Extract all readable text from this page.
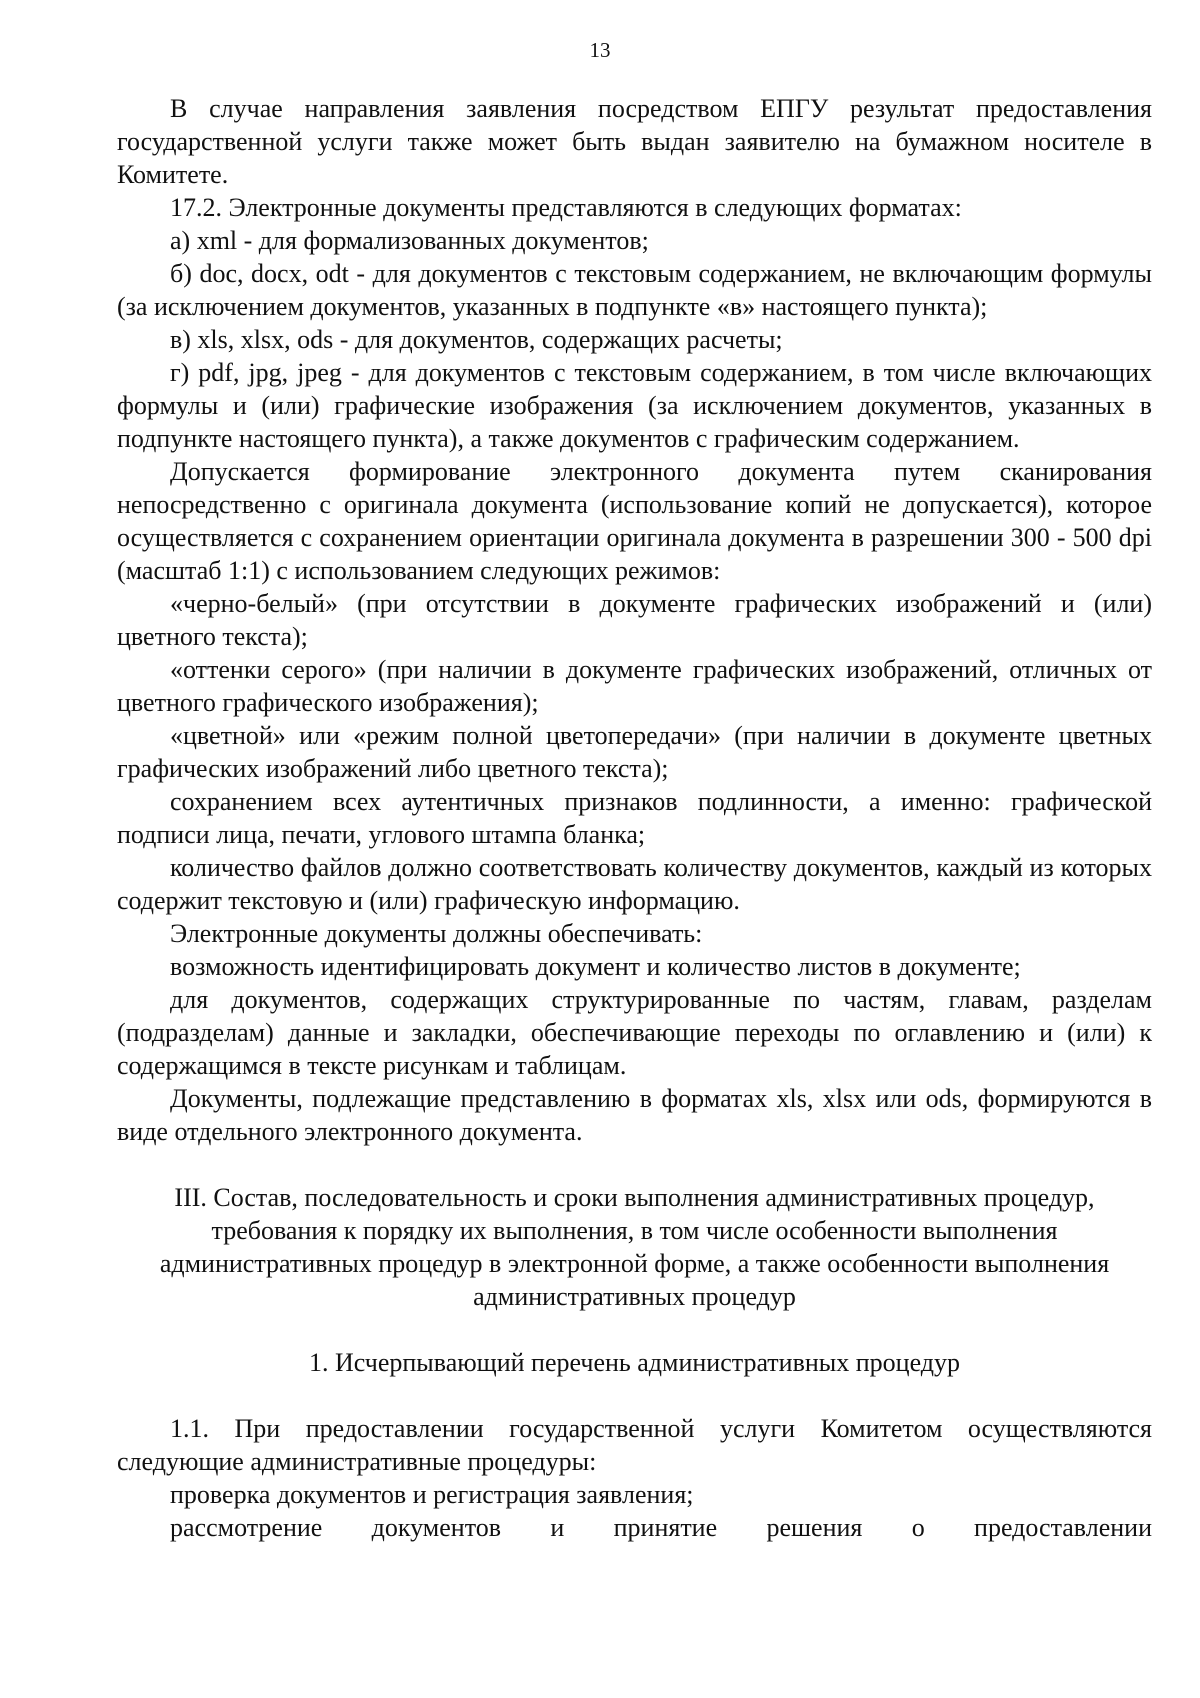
13

В случае направления заявления посредством ЕПГУ результат предоставления государственной услуги также может быть выдан заявителю на бумажном носителе в Комитете.

17.2. Электронные документы представляются в следующих форматах:

а) xml - для формализованных документов;

б) doc, docx, odt - для документов с текстовым содержанием, не включающим формулы (за исключением документов, указанных в подпункте «в» настоящего пункта);

в) xls, xlsx, ods - для документов, содержащих расчеты;

г) pdf, jpg, jpeg - для документов с текстовым содержанием, в том числе включающих формулы и (или) графические изображения (за исключением документов, указанных в подпункте настоящего пункта), а также документов с графическим содержанием.

Допускается формирование электронного документа путем сканирования непосредственно с оригинала документа (использование копий не допускается), которое осуществляется с сохранением ориентации оригинала документа в разрешении 300 - 500 dpi (масштаб 1:1) с использованием следующих режимов:

«черно-белый» (при отсутствии в документе графических изображений и (или) цветного текста);

«оттенки серого» (при наличии в документе графических изображений, отличных от цветного графического изображения);

«цветной» или «режим полной цветопередачи» (при наличии в документе цветных графических изображений либо цветного текста);

сохранением всех аутентичных признаков подлинности, а именно: графической подписи лица, печати, углового штампа бланка;

количество файлов должно соответствовать количеству документов, каждый из которых содержит текстовую и (или) графическую информацию.

Электронные документы должны обеспечивать:

возможность идентифицировать документ и количество листов в документе;

для документов, содержащих структурированные по частям, главам, разделам (подразделам) данные и закладки, обеспечивающие переходы по оглавлению и (или) к содержащимся в тексте рисункам и таблицам.

Документы, подлежащие представлению в форматах xls, xlsx или ods, формируются в виде отдельного электронного документа.

III. Состав, последовательность и сроки выполнения административных процедур, требования к порядку их выполнения, в том числе особенности выполнения административных процедур в электронной форме, а также особенности выполнения административных процедур

1. Исчерпывающий перечень административных процедур

1.1. При предоставлении государственной услуги Комитетом осуществляются следующие административные процедуры:

проверка документов и регистрация заявления;

рассмотрение документов и принятие решения о предоставлении
